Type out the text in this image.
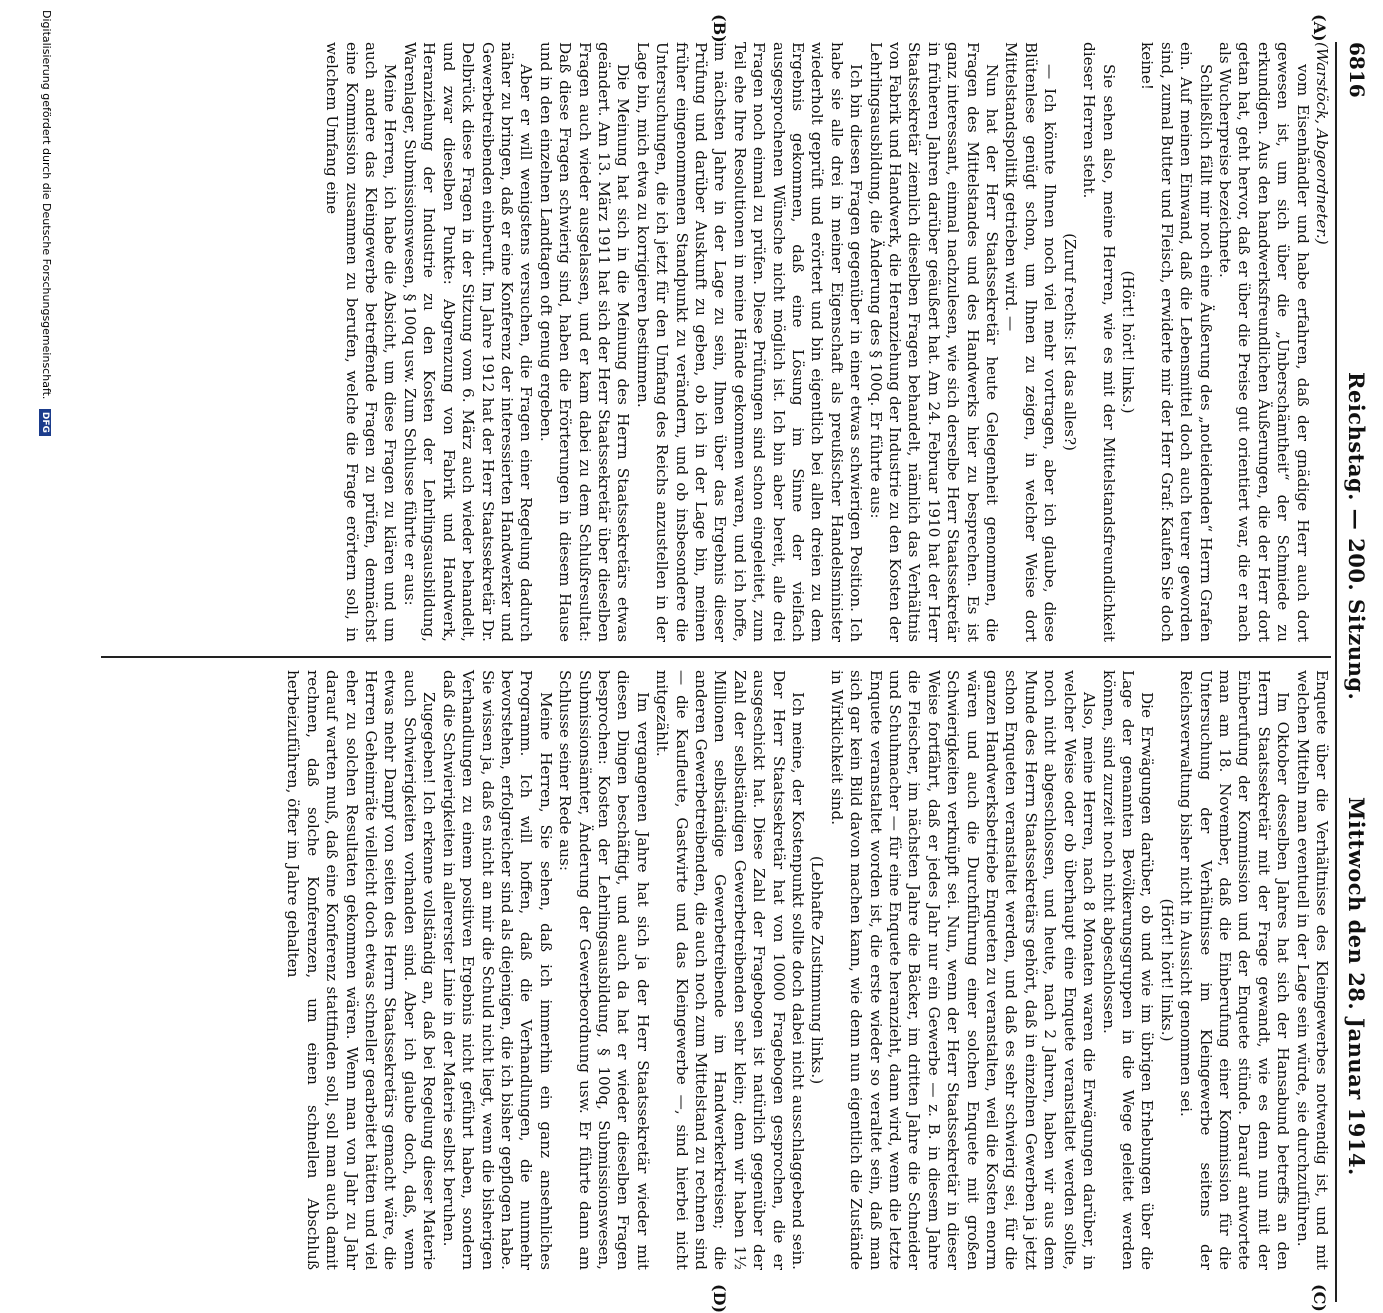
6816
Reichstag. — 200. Sitzung.
Mittwoch den 28. Januar 1914.
(A)
(B)
(C)
(D)

(Warstöck, Abgeordneter.)

vom Eisenhändler und habe erfahren, daß der gnädige Herr auch dort gewesen ist, um sich über die „Unberschämtheit“ der Schmiede zu erkundigen. Aus den handwerksfreundlichen Äußerungen, die der Herr dort getan hat, geht hervor, daß er über die Preise gut orientiert war, die er nach als Wucherpreise bezeichnete.

Schließlich fällt mir noch eine Äußerung des „notleidenden“ Herrn Grafen ein. Auf meinen Einwand, daß die Lebensmittel doch auch teurer geworden sind, zumal Butter und Fleisch, erwiderte mir der Herr Graf: Kaufen Sie doch keine!

(Hört! hört! links.)

Sie sehen also, meine Herren, wie es mit der Mittelstandsfreundlichkeit dieser Herren steht.

(Zuruf rechts: Ist das alles?)

— Ich könnte Ihnen noch viel mehr vortragen, aber ich glaube, diese Blütenlese genügt schon, um Ihnen zu zeigen, in welcher Weise dort Mittelstandspolitik getrieben wird. —

Nun hat der Herr Staatssekretär heute Gelegenheit genommen, die Fragen des Mittelstandes und des Handwerks hier zu besprechen. Es ist ganz interessant, einmal nachzulesen, wie sich derselbe Herr Staatssekretär in früheren Jahren darüber geäußert hat. Am 24. Februar 1910 hat der Herr Staatssekretär ziemlich dieselben Fragen behandelt, nämlich das Verhältnis von Fabrik und Handwerk, die Heranziehung der Industrie zu den Kosten der Lehrlingsausbildung, die Änderung des § 100q. Er führte aus:

Ich bin diesen Fragen gegenüber in einer etwas schwierigen Position. Ich habe sie alle drei in meiner Eigenschaft als preußischer Handelsminister wiederholt geprüft und erörtert und bin eigentlich bei allen dreien zu dem Ergebnis gekommen, daß eine Lösung im Sinne der vielfach ausgesprochenen Wünsche nicht möglich ist. Ich bin aber bereit, alle drei Fragen noch einmal zu prüfen. Diese Prüfungen sind schon eingeleitet, zum Teil ehe Ihre Resolutionen in meine Hände gekommen waren, und ich hoffe, im nächsten Jahre in der Lage zu sein, Ihnen über das Ergebnis dieser Prüfung und darüber Auskunft zu geben, ob ich in der Lage bin, meinen früher eingenommenen Standpunkt zu verändern, und ob insbesondere die Untersuchungen, die ich jetzt für den Umfang des Reichs anzustellen in der Lage bin, mich etwa zu korrigieren bestimmen.

Die Meinung hat sich in die Meinung des Herrn Staatssekretärs etwas geändert. Am 13. März 1911 hat sich der Herr Staatssekretär über dieselben Fragen auch wieder ausgelassen, und er kam dabei zu dem Schlußresultat: Daß diese Fragen schwierig sind, haben die Erörterungen in diesem Hause und in den einzelnen Landtagen oft genug ergeben.

Aber er will wenigstens versuchen, die Fragen einer Regelung dadurch näher zu bringen, daß er eine Konferenz der interessierten Handwerker und Gewerbetreibenden einberuft. Im Jahre 1912 hat der Herr Staatssekretär Dr. Delbrück diese Fragen in der Sitzung vom 6. März auch wieder behandelt, und zwar dieselben Punkte: Abgrenzung von Fabrik und Handwerk, Heranziehung der Industrie zu den Kosten der Lehrlingsausbildung, Warenlager, Submissionswesen, § 100q usw. Zum Schlusse führte er aus:

Meine Herren, ich habe die Absicht, um diese Fragen zu klären und um auch andere das Kleingewerbe betreffende Fragen zu prüfen, demnächst eine Kommission zusammen zu berufen, welche die Frage erörtern soll, in welchem Umfang eine

Enquete über die Verhältnisse des Kleingewerbes notwendig ist, und mit welchen Mitteln man eventuell in der Lage sein würde, sie durchzuführen.

Im Oktober desselben Jahres hat sich der Hansabund betreffs an den Herrn Staatssekretär mit der Frage gewandt, wie es denn nun mit der Einberufung der Kommission und der Enquete stünde. Darauf antwortete man am 18. November, daß die Einberufung einer Kommission für die Untersuchung der Verhältnisse im Kleingewerbe seitens der Reichsverwaltung bisher nicht in Aussicht genommen sei.

(Hört! hört! links.)

Die Erwägungen darüber, ob und wie im übrigen Erhebungen über die Lage der genannten Bevölkerungsgruppen in die Wege geleitet werden können, sind zurzeit noch nicht abgeschlossen.

Also, meine Herren, nach 8 Monaten waren die Erwägungen darüber, in welcher Weise oder ob überhaupt eine Enquete veranstaltet werden sollte, noch nicht abgeschlossen, und heute, nach 2 Jahren, haben wir aus dem Munde des Herrn Staatssekretärs gehört, daß in einzelnen Gewerben ja jetzt schon Enqueten veranstaltet werden, und daß es sehr schwierig sei, für die ganzen Handwerksbetriebe Enqueten zu veranstalten, weil die Kosten enorm wären und auch die Durchführung einer solchen Enquete mit großen Schwierigkeiten verknüpft sei. Nun, wenn der Herr Staatssekretär in dieser Weise fortfährt, daß er jedes Jahr nur ein Gewerbe — z. B. in diesem Jahre die Fleischer, im nächsten Jahre die Bäcker, im dritten Jahre die Schneider und Schuhmacher — für eine Enquete heranzieht, dann wird, wenn die letzte Enquete veranstaltet worden ist, die erste wieder so veraltet sein, daß man sich gar kein Bild davon machen kann, wie denn nun eigentlich die Zustände in Wirklichkeit sind.

(Lebhafte Zustimmung links.)

Ich meine, der Kostenpunkt sollte doch dabei nicht ausschlaggebend sein. Der Herr Staatssekretär hat von 10000 Fragebogen gesprochen, die er ausgeschickt hat. Diese Zahl der Fragebogen ist natürlich gegenüber der Zahl der selbständigen Gewerbetreibenden sehr klein; denn wir haben 1½ Millionen selbständige Gewerbetreibende im Handwerkerkreisen; die anderen Gewerbetreibenden, die auch noch zum Mittelstand zu rechnen sind — die Kaufleute, Gastwirte und das Kleingewerbe —, sind hierbei nicht mitgezählt.

Im vergangenen Jahre hat sich ja der Herr Staatssekretär wieder mit diesen Dingen beschäftigt, und auch da hat er wieder dieselben Fragen besprochen: Kosten der Lehrlingsausbildung, § 100q, Submissionswesen, Submissionsämter, Änderung der Gewerbeordnung usw. Er führte dann am Schlusse seiner Rede aus:

Meine Herren, Sie sehen, daß ich immerhin ein ganz ansehnliches Programm. Ich will hoffen, daß die Verhandlungen, die nunmehr bevorstehen, erfolgreicher sind als diejenigen, die ich bisher gepflogen habe. Sie wissen ja, daß es nicht an mir die Schuld nicht liegt, wenn die bisherigen Verhandlungen zu einem positiven Ergebnis nicht geführt haben, sondern daß die Schwierigkeiten in allererster Linie in der Materie selbst beruhen.

Zugegeben! Ich erkenne vollständig an, daß bei Regelung dieser Materie auch Schwierigkeiten vorhanden sind. Aber ich glaube doch, daß, wenn etwas mehr Dampf von seiten des Herrn Staatssekretärs gemacht wäre, die Herren Geheimräte vielleicht doch etwas schneller gearbeitet hätten und viel eher zu solchen Resultaten gekommen wären. Wenn man von Jahr zu Jahr darauf warten muß, daß eine Konferenz stattfinden soll, soll man auch damit rechnen, daß solche Konferenzen, um einen schnellen Abschluß herbeizuführen, öfter im Jahre gehalten

Digitalisierung gefördert durch die Deutsche Forschungsgemeinschaft. DFG
